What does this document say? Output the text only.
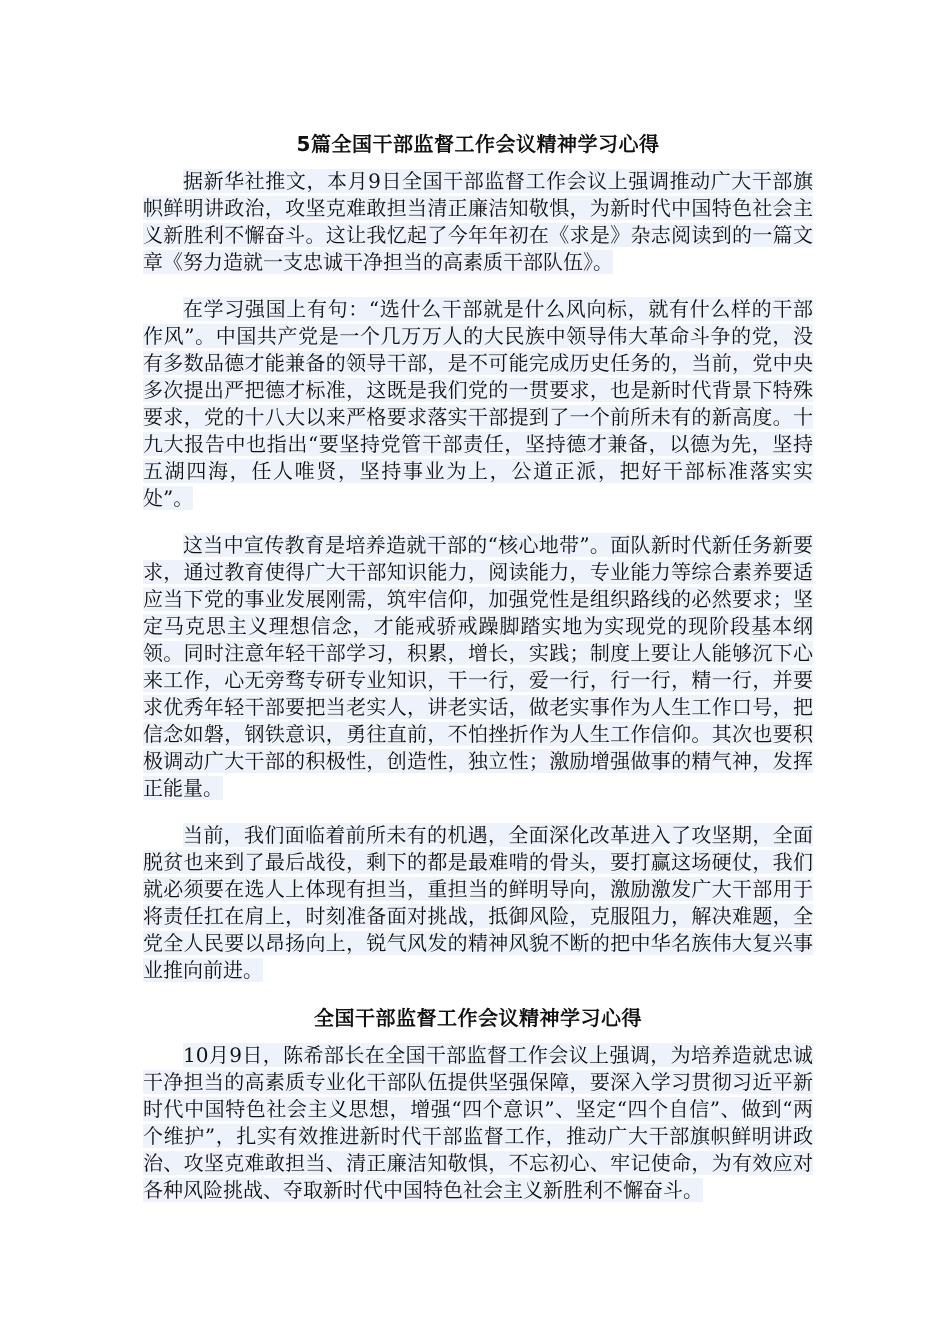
5篇全国干部监督工作会议精神学习心得

据新华社推文，本月9日全国干部监督工作会议上强调推动广大干部旗帜鲜明讲政治，攻坚克难敢担当清正廉洁知敬惧，为新时代中国特色社会主义新胜利不懈奋斗。这让我忆起了今年年初在《求是》杂志阅读到的一篇文章《努力造就一支忠诚干净担当的高素质干部队伍》。

在学习强国上有句：“选什么干部就是什么风向标，就有什么样的干部作风”。中国共产党是一个几万万人的大民族中领导伟大革命斗争的党，没有多数品德才能兼备的领导干部，是不可能完成历史任务的，当前，党中央多次提出严把德才标准，这既是我们党的一贯要求，也是新时代背景下特殊要求，党的十八大以来严格要求落实干部提到了一个前所未有的新高度。十九大报告中也指出“要坚持党管干部责任，坚持德才兼备，以德为先，坚持五湖四海，任人唯贤，坚持事业为上，公道正派，把好干部标准落实实处”。

这当中宣传教育是培养造就干部的“核心地带”。面队新时代新任务新要求，通过教育使得广大干部知识能力，阅读能力，专业能力等综合素养要适应当下党的事业发展刚需，筑牢信仰，加强党性是组织路线的必然要求；坚定马克思主义理想信念，才能戒骄戒躁脚踏实地为实现党的现阶段基本纲领。同时注意年轻干部学习，积累，增长，实践；制度上要让人能够沉下心来工作，心无旁骛专研专业知识，干一行，爱一行，行一行，精一行，并要求优秀年轻干部要把当老实人，讲老实话，做老实事作为人生工作口号，把信念如磐，钢铁意识，勇往直前，不怕挫折作为人生工作信仰。其次也要积极调动广大干部的积极性，创造性，独立性；激励增强做事的精气神，发挥正能量。

当前，我们面临着前所未有的机遇，全面深化改革进入了攻坚期，全面脱贫也来到了最后战役，剩下的都是最难啃的骨头，要打赢这场硬仗，我们就必须要在选人上体现有担当，重担当的鲜明导向，激励激发广大干部用于将责任扛在肩上，时刻准备面对挑战，抵御风险，克服阻力，解决难题，全党全人民要以昂扬向上，锐气风发的精神风貌不断的把中华名族伟大复兴事业推向前进。

全国干部监督工作会议精神学习心得

10月9日，陈希部长在全国干部监督工作会议上强调，为培养造就忠诚干净担当的高素质专业化干部队伍提供坚强保障，要深入学习贯彻习近平新时代中国特色社会主义思想，增强“四个意识”、坚定“四个自信”、做到“两个维护”，扎实有效推进新时代干部监督工作，推动广大干部旗帜鲜明讲政治、攻坚克难敢担当、清正廉洁知敬惧，不忘初心、牢记使命，为有效应对各种风险挑战、夺取新时代中国特色社会主义新胜利不懈奋斗。
